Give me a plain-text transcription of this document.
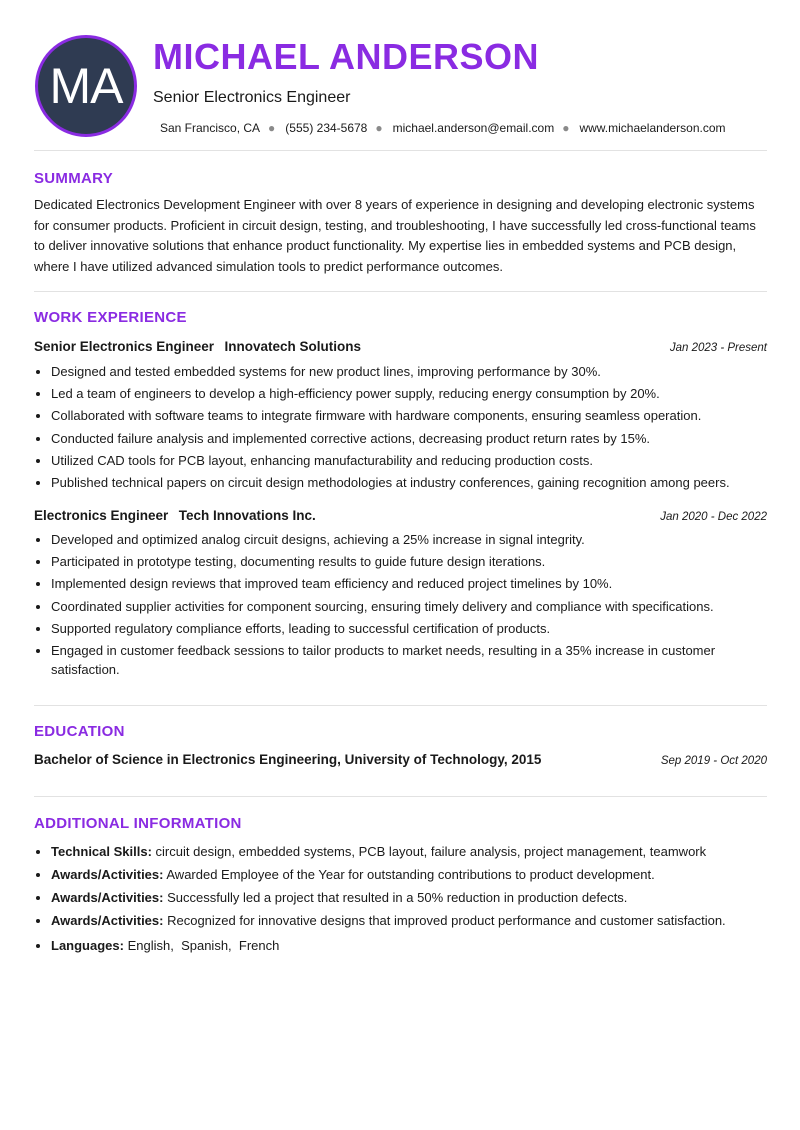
MA
MICHAEL ANDERSON
Senior Electronics Engineer
San Francisco, CA ● (555) 234-5678 ● michael.anderson@email.com ● www.michaelanderson.com
SUMMARY

Dedicated Electronics Development Engineer with over 8 years of experience in designing and developing electronic systems for consumer products. Proficient in circuit design, testing, and troubleshooting, I have successfully led cross-functional teams to deliver innovative solutions that enhance product functionality. My expertise lies in embedded systems and PCB design, where I have utilized advanced simulation tools to predict performance outcomes.

WORK EXPERIENCE
Senior Electronics Engineer Innovatech Solutions	Jan 2023 - Present
• Designed and tested embedded systems for new product lines, improving performance by 30%.
• Led a team of engineers to develop a high-efficiency power supply, reducing energy consumption by 20%.
• Collaborated with software teams to integrate firmware with hardware components, ensuring seamless operation.
• Conducted failure analysis and implemented corrective actions, decreasing product return rates by 15%.
• Utilized CAD tools for PCB layout, enhancing manufacturability and reducing production costs.
• Published technical papers on circuit design methodologies at industry conferences, gaining recognition among peers.
Electronics Engineer Tech Innovations Inc.	Jan 2020 - Dec 2022
• Developed and optimized analog circuit designs, achieving a 25% increase in signal integrity.
• Participated in prototype testing, documenting results to guide future design iterations.
• Implemented design reviews that improved team efficiency and reduced project timelines by 10%.
• Coordinated supplier activities for component sourcing, ensuring timely delivery and compliance with specifications.
• Supported regulatory compliance efforts, leading to successful certification of products.
• Engaged in customer feedback sessions to tailor products to market needs, resulting in a 35% increase in customer satisfaction.
EDUCATION
Bachelor of Science in Electronics Engineering, University of Technology, 2015	Sep 2019 - Oct 2020
ADDITIONAL INFORMATION
• Technical Skills: circuit design, embedded systems, PCB layout, failure analysis, project management, teamwork
• Awards/Activities: Awarded Employee of the Year for outstanding contributions to product development.
• Awards/Activities: Successfully led a project that resulted in a 50% reduction in production defects.
• Awards/Activities: Recognized for innovative designs that improved product performance and customer satisfaction.
• Languages: English,  Spanish,  French
